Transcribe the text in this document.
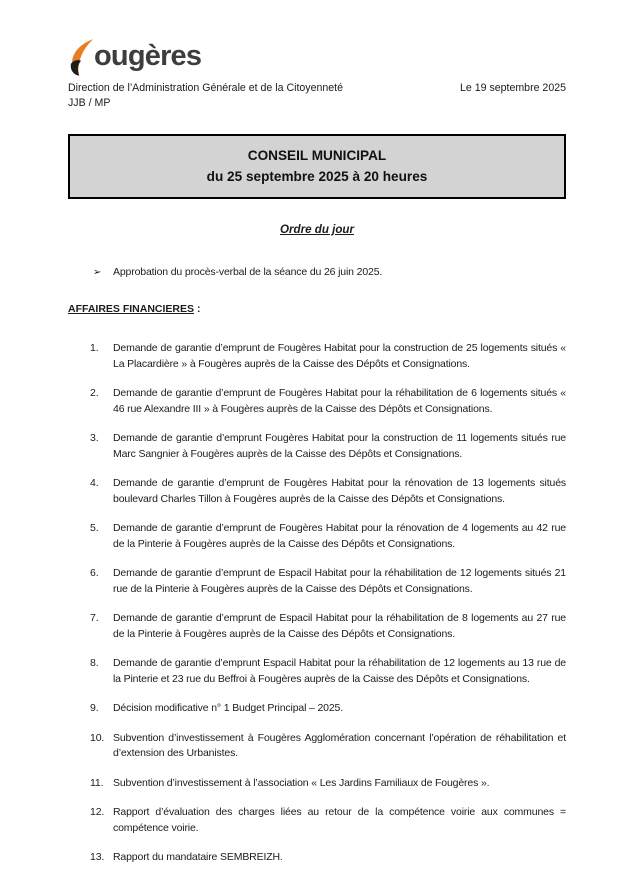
ougères
Direction de l’Administration Générale et de la Citoyenneté	Le 19 septembre 2025
JJB / MP
CONSEIL MUNICIPAL
du 25 septembre 2025 à 20 heures
Ordre du jour
➢	Approbation du procès-verbal de la séance du 26 juin 2025.
AFFAIRES FINANCIERES :
1.	Demande de garantie d’emprunt de Fougères Habitat pour la construction de 25 logements situés « La Placardière » à Fougères auprès de la Caisse des Dépôts et Consignations.
2.	Demande de garantie d’emprunt de Fougères Habitat pour la réhabilitation de 6 logements situés « 46 rue Alexandre III » à Fougères auprès de la Caisse des Dépôts et Consignations.
3.	Demande de garantie d’emprunt Fougères Habitat pour la construction de 11 logements situés rue Marc Sangnier à Fougères auprès de la Caisse des Dépôts et Consignations.
4.	Demande de garantie d’emprunt de Fougères Habitat pour la rénovation de 13 logements situés boulevard Charles Tillon à Fougères auprès de la Caisse des Dépôts et Consignations.
5.	Demande de garantie d’emprunt de Fougères Habitat pour la rénovation de 4 logements au 42 rue de la Pinterie à Fougères auprès de la Caisse des Dépôts et Consignations.
6.	Demande de garantie d’emprunt de Espacil Habitat pour la réhabilitation de 12 logements situés 21 rue de la Pinterie à Fougères auprès de la Caisse des Dépôts et Consignations.
7.	Demande de garantie d’emprunt de Espacil Habitat pour la réhabilitation de 8 logements au 27 rue de la Pinterie à Fougères auprès de la Caisse des Dépôts et Consignations.
8.	Demande de garantie d’emprunt Espacil Habitat pour la réhabilitation de 12 logements au 13 rue de la Pinterie et 23 rue du Beffroi à Fougères auprès de la Caisse des Dépôts et Consignations.
9.	Décision modificative n° 1 Budget Principal – 2025.
10. Subvention d’investissement à Fougères Agglomération concernant l’opération de réhabilitation et d’extension des Urbanistes.
11. Subvention d’investissement à l’association « Les Jardins Familiaux de Fougères ».
12. Rapport d’évaluation des charges liées au retour de la compétence voirie aux communes = compétence voirie.
13. Rapport du mandataire SEMBREIZH.
